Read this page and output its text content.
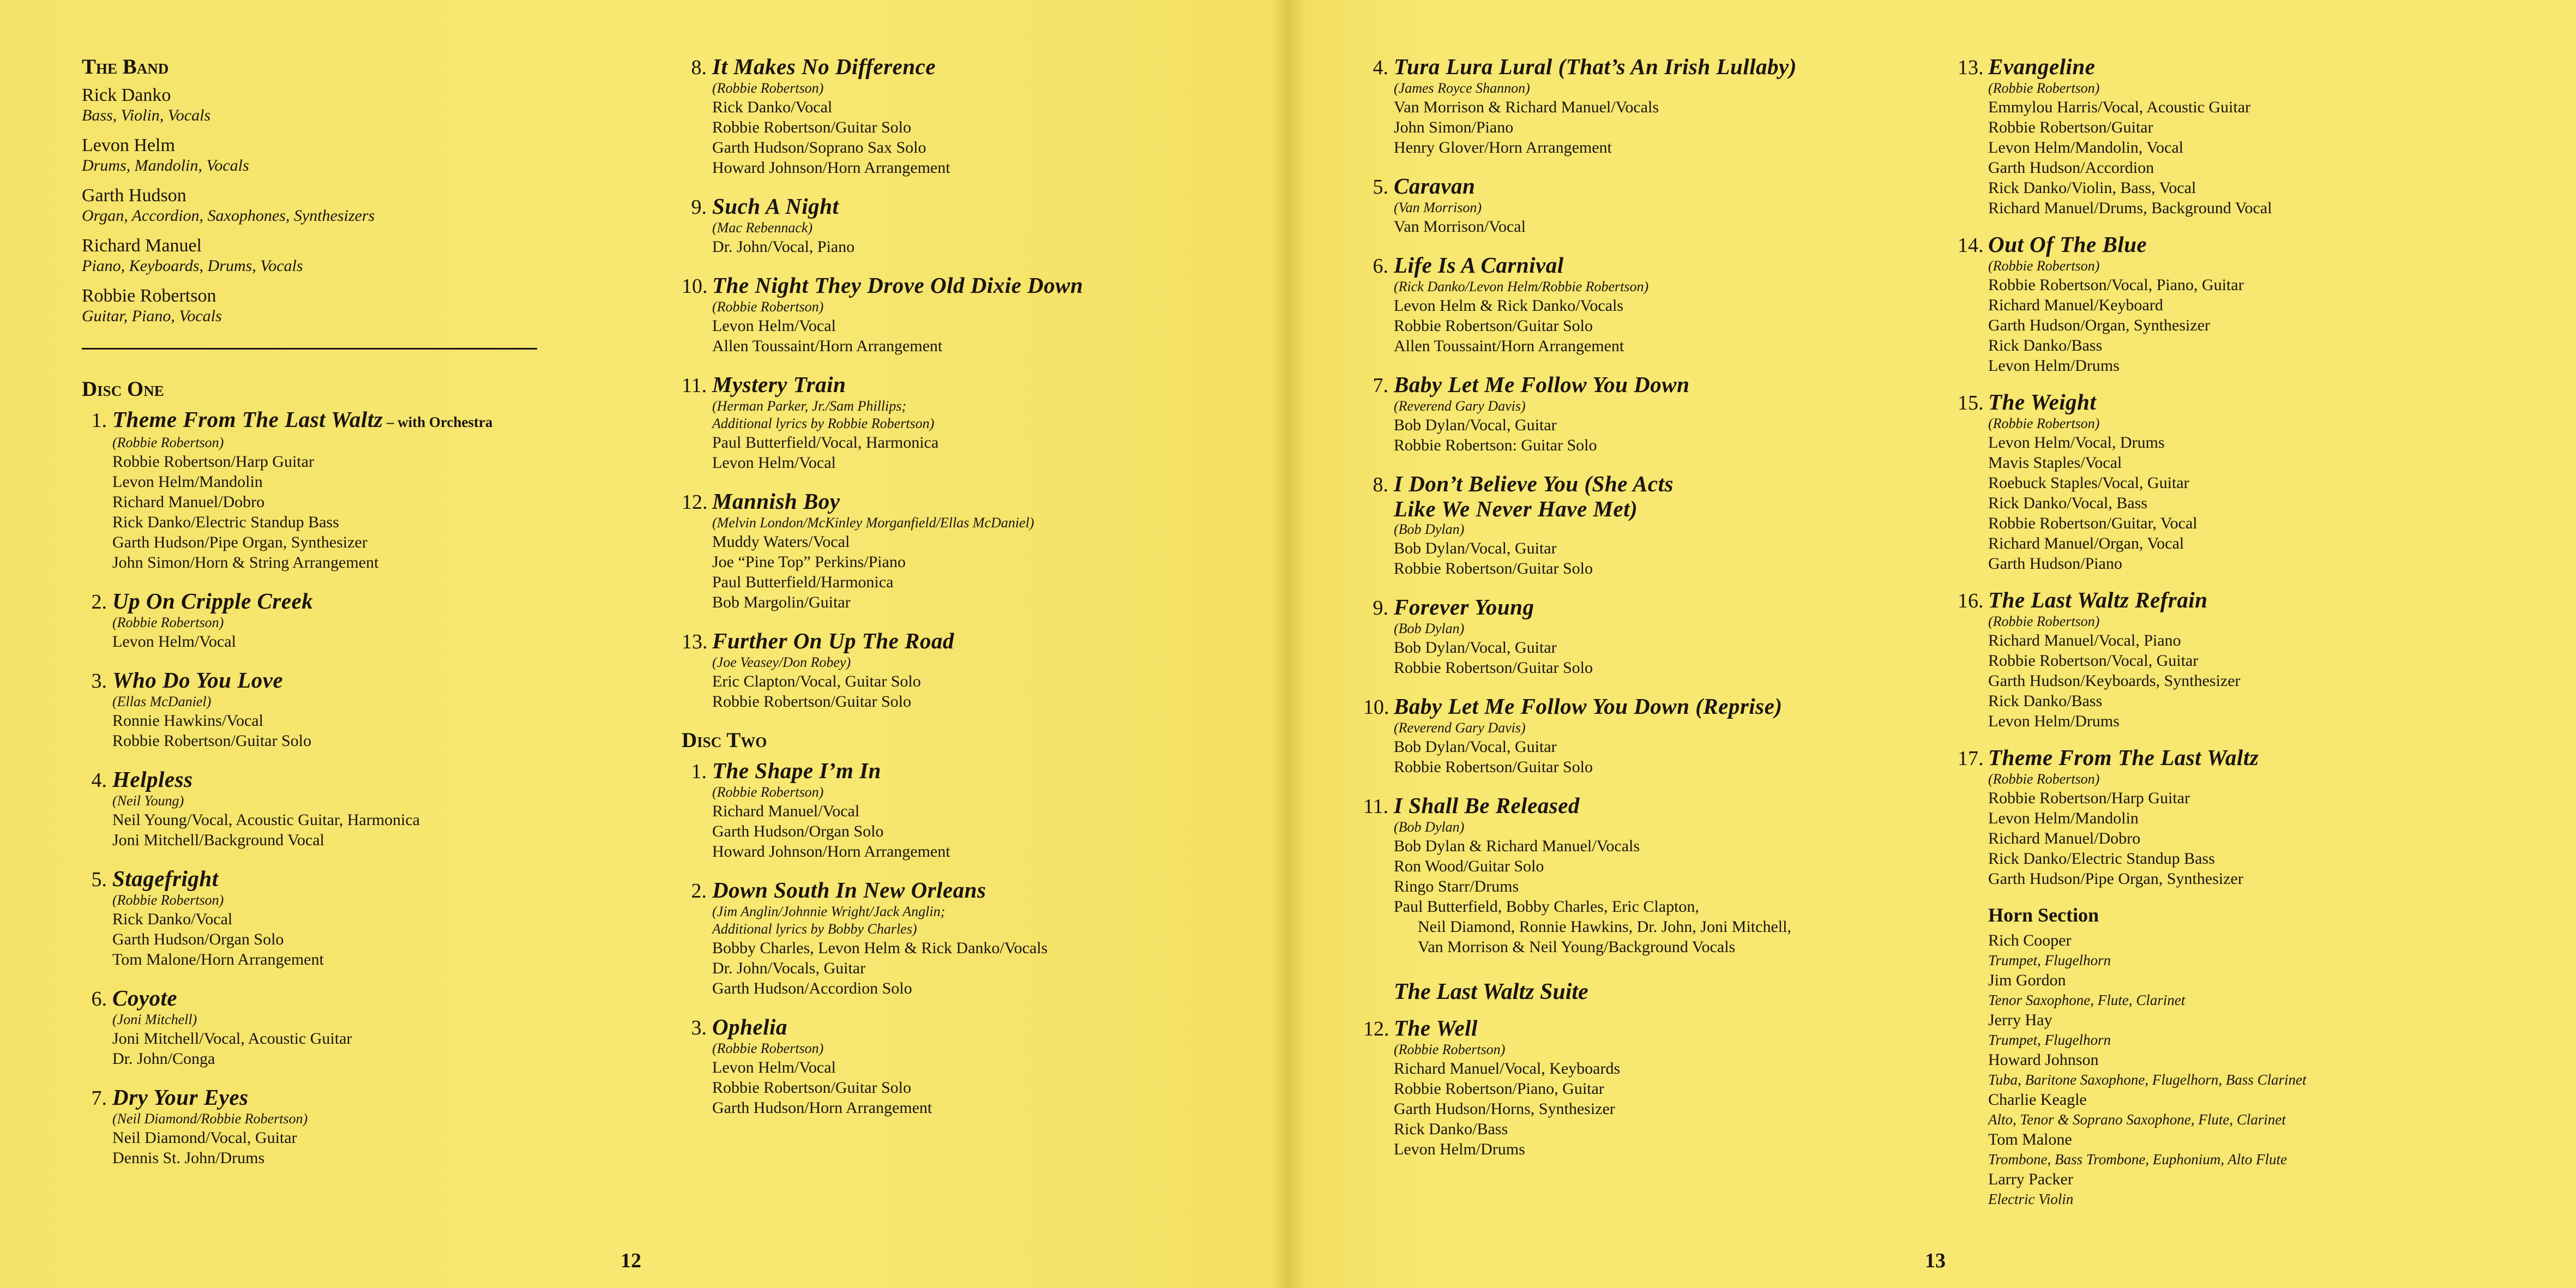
The Band
Rick Danko
Bass, Violin, Vocals
Levon Helm
Drums, Mandolin, Vocals
Garth Hudson
Organ, Accordion, Saxophones, Synthesizers
Richard Manuel
Piano, Keyboards, Drums, Vocals
Robbie Robertson
Guitar, Piano, Vocals
Disc One
1. Theme From The Last Waltz – with Orchestra
(Robbie Robertson)
Robbie Robertson/Harp Guitar
Levon Helm/Mandolin
Richard Manuel/Dobro
Rick Danko/Electric Standup Bass
Garth Hudson/Pipe Organ, Synthesizer
John Simon/Horn & String Arrangement
2. Up On Cripple Creek
(Robbie Robertson)
Levon Helm/Vocal
3. Who Do You Love
(Ellas McDaniel)
Ronnie Hawkins/Vocal
Robbie Robertson/Guitar Solo
4. Helpless
(Neil Young)
Neil Young/Vocal, Acoustic Guitar, Harmonica
Joni Mitchell/Background Vocal
5. Stagefright
(Robbie Robertson)
Rick Danko/Vocal
Garth Hudson/Organ Solo
Tom Malone/Horn Arrangement
6. Coyote
(Joni Mitchell)
Joni Mitchell/Vocal, Acoustic Guitar
Dr. John/Conga
7. Dry Your Eyes
(Neil Diamond/Robbie Robertson)
Neil Diamond/Vocal, Guitar
Dennis St. John/Drums
8. It Makes No Difference
(Robbie Robertson)
Rick Danko/Vocal
Robbie Robertson/Guitar Solo
Garth Hudson/Soprano Sax Solo
Howard Johnson/Horn Arrangement
9. Such A Night
(Mac Rebennack)
Dr. John/Vocal, Piano
10. The Night They Drove Old Dixie Down
(Robbie Robertson)
Levon Helm/Vocal
Allen Toussaint/Horn Arrangement
11. Mystery Train
(Herman Parker, Jr./Sam Phillips;
Additional lyrics by Robbie Robertson)
Paul Butterfield/Vocal, Harmonica
Levon Helm/Vocal
12. Mannish Boy
(Melvin London/McKinley Morganfield/Ellas McDaniel)
Muddy Waters/Vocal
Joe “Pine Top” Perkins/Piano
Paul Butterfield/Harmonica
Bob Margolin/Guitar
13. Further On Up The Road
(Joe Veasey/Don Robey)
Eric Clapton/Vocal, Guitar Solo
Robbie Robertson/Guitar Solo
Disc Two
1. The Shape I’m In
(Robbie Robertson)
Richard Manuel/Vocal
Garth Hudson/Organ Solo
Howard Johnson/Horn Arrangement
2. Down South In New Orleans
(Jim Anglin/Johnnie Wright/Jack Anglin;
Additional lyrics by Bobby Charles)
Bobby Charles, Levon Helm & Rick Danko/Vocals
Dr. John/Vocals, Guitar
Garth Hudson/Accordion Solo
3. Ophelia
(Robbie Robertson)
Levon Helm/Vocal
Robbie Robertson/Guitar Solo
Garth Hudson/Horn Arrangement
12
4. Tura Lura Lural (That’s An Irish Lullaby)
(James Royce Shannon)
Van Morrison & Richard Manuel/Vocals
John Simon/Piano
Henry Glover/Horn Arrangement
5. Caravan
(Van Morrison)
Van Morrison/Vocal
6. Life Is A Carnival
(Rick Danko/Levon Helm/Robbie Robertson)
Levon Helm & Rick Danko/Vocals
Robbie Robertson/Guitar Solo
Allen Toussaint/Horn Arrangement
7. Baby Let Me Follow You Down
(Reverend Gary Davis)
Bob Dylan/Vocal, Guitar
Robbie Robertson: Guitar Solo
8. I Don’t Believe You (She Acts
Like We Never Have Met)
(Bob Dylan)
Bob Dylan/Vocal, Guitar
Robbie Robertson/Guitar Solo
9. Forever Young
(Bob Dylan)
Bob Dylan/Vocal, Guitar
Robbie Robertson/Guitar Solo
10. Baby Let Me Follow You Down (Reprise)
(Reverend Gary Davis)
Bob Dylan/Vocal, Guitar
Robbie Robertson/Guitar Solo
11. I Shall Be Released
(Bob Dylan)
Bob Dylan & Richard Manuel/Vocals
Ron Wood/Guitar Solo
Ringo Starr/Drums
Paul Butterfield, Bobby Charles, Eric Clapton,
Neil Diamond, Ronnie Hawkins, Dr. John, Joni Mitchell,
Van Morrison & Neil Young/Background Vocals
The Last Waltz Suite
12. The Well
(Robbie Robertson)
Richard Manuel/Vocal, Keyboards
Robbie Robertson/Piano, Guitar
Garth Hudson/Horns, Synthesizer
Rick Danko/Bass
Levon Helm/Drums
13. Evangeline
(Robbie Robertson)
Emmylou Harris/Vocal, Acoustic Guitar
Robbie Robertson/Guitar
Levon Helm/Mandolin, Vocal
Garth Hudson/Accordion
Rick Danko/Violin, Bass, Vocal
Richard Manuel/Drums, Background Vocal
14. Out Of The Blue
(Robbie Robertson)
Robbie Robertson/Vocal, Piano, Guitar
Richard Manuel/Keyboard
Garth Hudson/Organ, Synthesizer
Rick Danko/Bass
Levon Helm/Drums
15. The Weight
(Robbie Robertson)
Levon Helm/Vocal, Drums
Mavis Staples/Vocal
Roebuck Staples/Vocal, Guitar
Rick Danko/Vocal, Bass
Robbie Robertson/Guitar, Vocal
Richard Manuel/Organ, Vocal
Garth Hudson/Piano
16. The Last Waltz Refrain
(Robbie Robertson)
Richard Manuel/Vocal, Piano
Robbie Robertson/Vocal, Guitar
Garth Hudson/Keyboards, Synthesizer
Rick Danko/Bass
Levon Helm/Drums
17. Theme From The Last Waltz
(Robbie Robertson)
Robbie Robertson/Harp Guitar
Levon Helm/Mandolin
Richard Manuel/Dobro
Rick Danko/Electric Standup Bass
Garth Hudson/Pipe Organ, Synthesizer
Horn Section
Rich Cooper
Trumpet, Flugelhorn
Jim Gordon
Tenor Saxophone, Flute, Clarinet
Jerry Hay
Trumpet, Flugelhorn
Howard Johnson
Tuba, Baritone Saxophone, Flugelhorn, Bass Clarinet
Charlie Keagle
Alto, Tenor & Soprano Saxophone, Flute, Clarinet
Tom Malone
Trombone, Bass Trombone, Euphonium, Alto Flute
Larry Packer
Electric Violin
13
